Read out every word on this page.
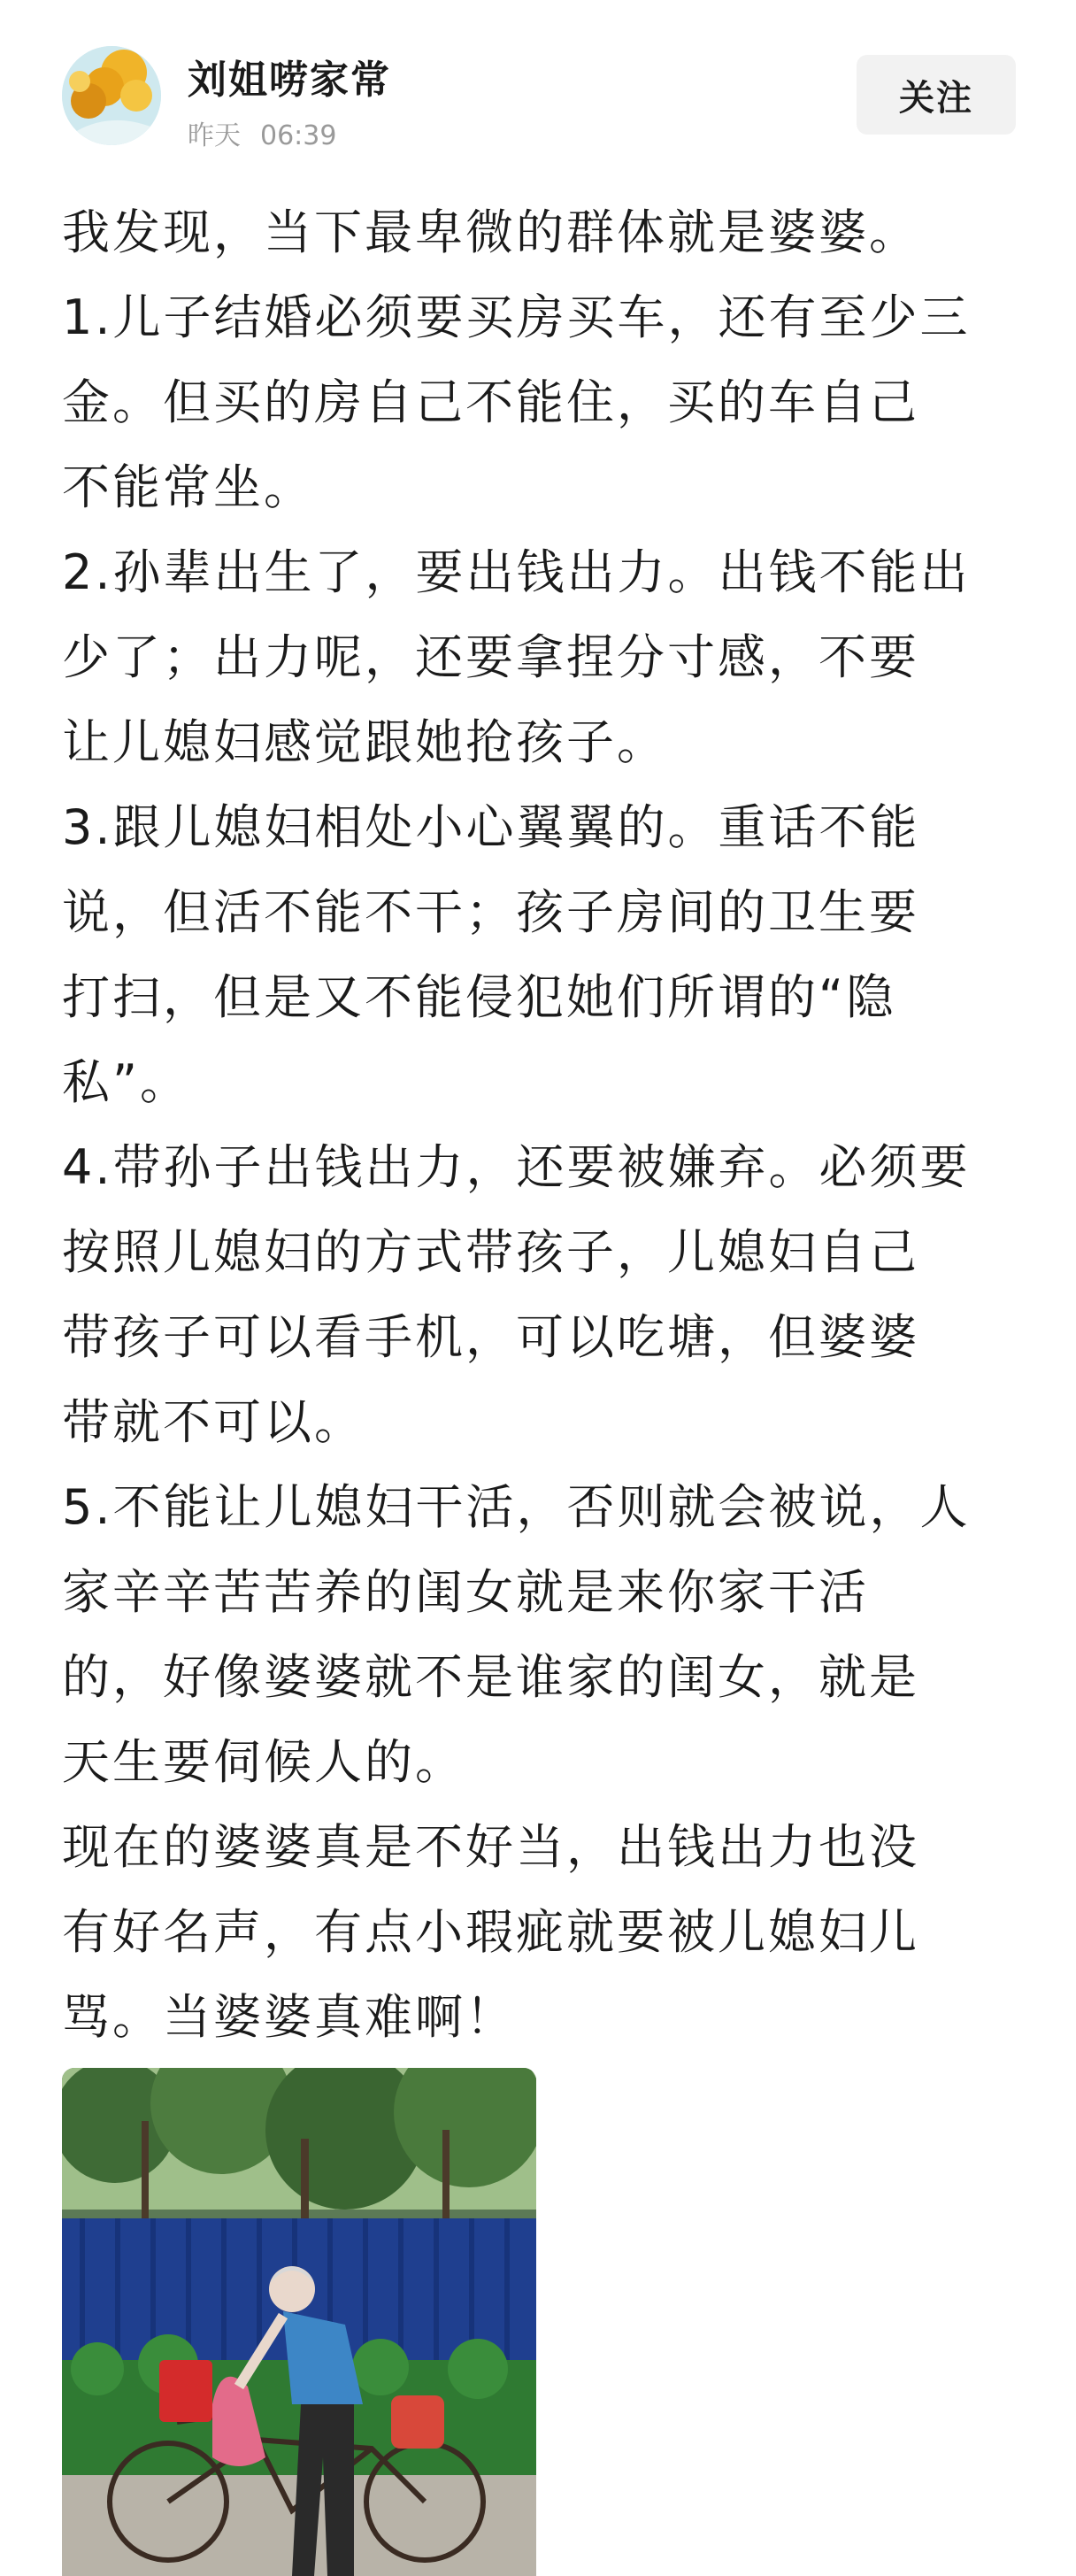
刘姐唠家常
昨天 06:39
关注

我发现，当下最卑微的群体就是婆婆。

1.儿子结婚必须要买房买车，还有至少三

金。但买的房自己不能住，买的车自己

不能常坐。

2.孙辈出生了，要出钱出力。出钱不能出

少了；出力呢，还要拿捏分寸感，不要

让儿媳妇感觉跟她抢孩子。

3.跟儿媳妇相处小心翼翼的。重话不能

说，但活不能不干；孩子房间的卫生要

打扫，但是又不能侵犯她们所谓的“隐

私”。

4.带孙子出钱出力，还要被嫌弃。必须要

按照儿媳妇的方式带孩子，儿媳妇自己

带孩子可以看手机，可以吃塘，但婆婆

带就不可以。

5.不能让儿媳妇干活，否则就会被说，人

家辛辛苦苦养的闺女就是来你家干活

的，好像婆婆就不是谁家的闺女，就是

天生要伺候人的。

现在的婆婆真是不好当，出钱出力也没

有好名声，有点小瑕疵就要被儿媳妇儿

骂。当婆婆真难啊！
